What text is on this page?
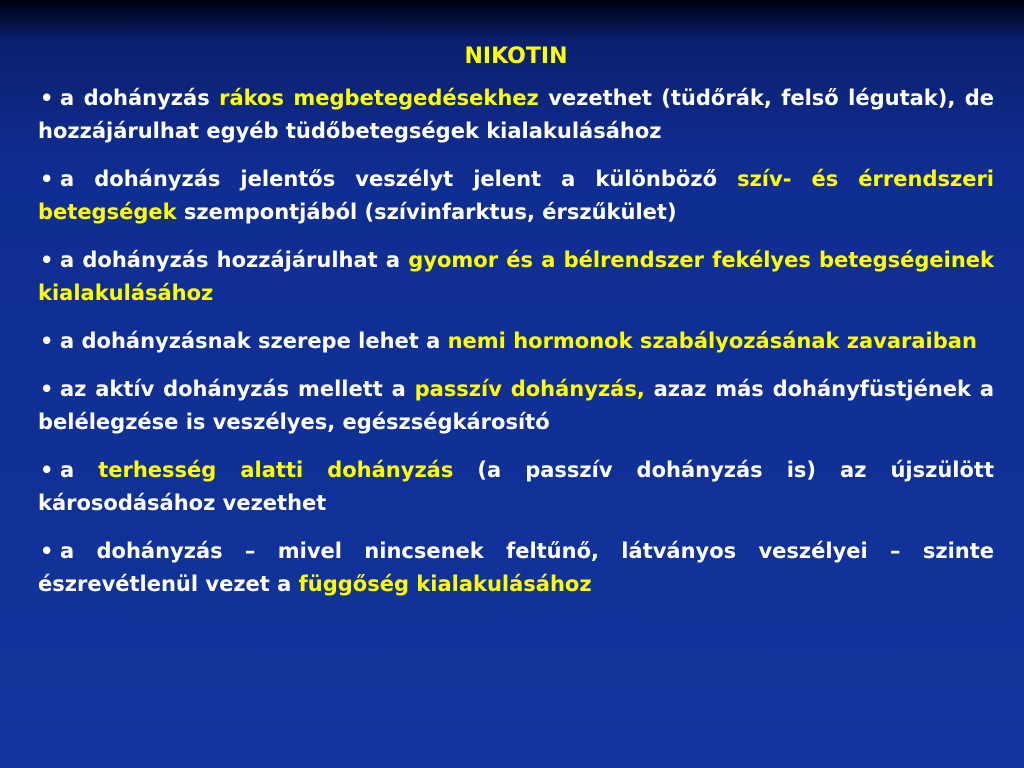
NIKOTIN
• a dohányzás rákos megbetegedésekhez vezethet (tüdőrák, felső légutak), de hozzájárulhat egyéb tüdőbetegségek kialakulásához
• a dohányzás jelentős veszélyt jelent a különböző szív- és érrendszeri betegségek szempontjából (szívinfarktus, érszűkület)
• a dohányzás hozzájárulhat a gyomor és a bélrendszer fekélyes betegségeinek kialakulásához
• a dohányzásnak szerepe lehet a nemi hormonok szabályozásának zavaraiban
• az aktív dohányzás mellett a passzív dohányzás, azaz más dohányfüstjének a belélegzése is veszélyes, egészségkárosító
• a terhesség alatti dohányzás (a passzív dohányzás is) az újszülött károsodásához vezethet
• a dohányzás – mivel nincsenek feltűnő, látványos veszélyei – szinte észrevétlenül vezet a függőség kialakulásához
